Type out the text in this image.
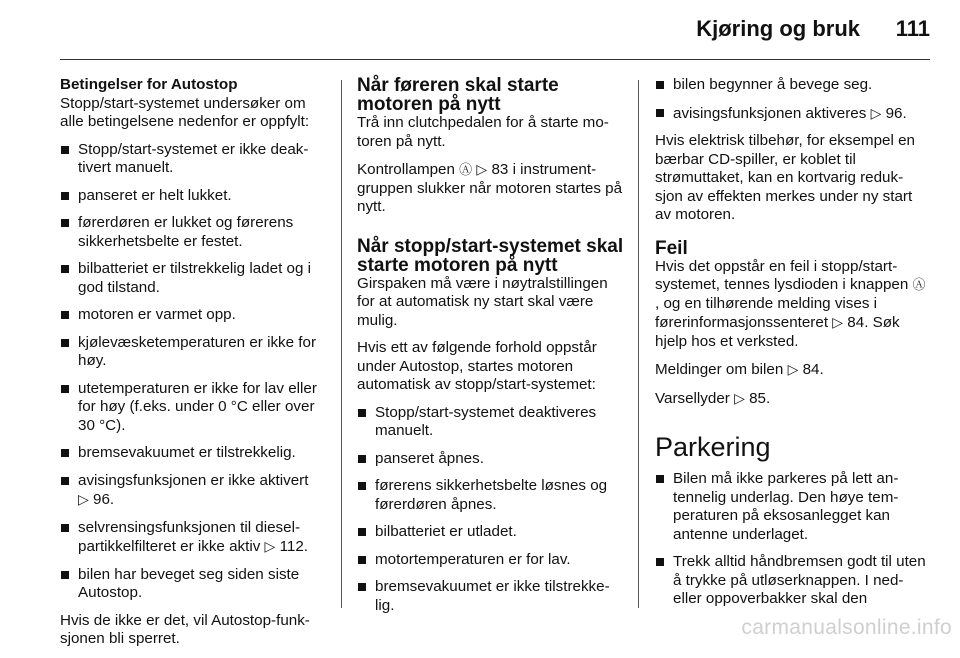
Kjøring og bruk 111

Betingelser for Autostop

Stopp/start-systemet undersøker om alle betingelsene nedenfor er oppfylt:

Stopp/start-systemet er ikke deak-tivert manuelt.
panseret er helt lukket.
førerdøren er lukket og førerens sikkerhetsbelte er festet.
bilbatteriet er tilstrekkelig ladet og i god tilstand.
motoren er varmet opp.
kjølevæsketemperaturen er ikke for høy.
utetemperaturen er ikke for lav eller for høy (f.eks. under 0 °C eller over 30 °C).
bremsevakuumet er tilstrekkelig.
avisingsfunksjonen er ikke aktivert
▷ 96.
selvrensingsfunksjonen til diesel-partikkelfilteret er ikke aktiv ▷ 112.
bilen har beveget seg siden siste Autostop.

Hvis de ikke er det, vil Autostop-funk-sjonen bli sperret.

Når føreren skal starte motoren på nytt

Trå inn clutchpedalen for å starte mo-toren på nytt.

Kontrollampen Ⓐ ▷ 83 i instrument-gruppen slukker når motoren startes på nytt.

Når stopp/start-systemet skal starte motoren på nytt

Girspaken må være i nøytralstillingen for at automatisk ny start skal være mulig.

Hvis ett av følgende forhold oppstår under Autostop, startes motoren automatisk av stopp/start-systemet:

Stopp/start-systemet deaktiveres manuelt.
panseret åpnes.
førerens sikkerhetsbelte løsnes og førerdøren åpnes.
bilbatteriet er utladet.
motortemperaturen er for lav.
bremsevakuumet er ikke tilstrekke-lig.
bilen begynner å bevege seg.
avisingsfunksjonen aktiveres ▷ 96.

Hvis elektrisk tilbehør, for eksempel en bærbar CD-spiller, er koblet til strømuttaket, kan en kortvarig reduk-sjon av effekten merkes under ny start av motoren.

Feil

Hvis det oppstår en feil i stopp/start-systemet, tennes lysdioden i knappen Ⓐ, og en tilhørende melding vises i førerinformasjonssenteret ▷ 84. Søk hjelp hos et verksted.

Meldinger om bilen ▷ 84.

Varsellyder ▷ 85.

Parkering

Bilen må ikke parkeres på lett an-tennelig underlag. Den høye tem-peraturen på eksosanlegget kan antenne underlaget.
Trekk alltid håndbremsen godt til uten å trykke på utløserknappen. I ned- eller oppoverbakker skal den
carmanualsonline.info
